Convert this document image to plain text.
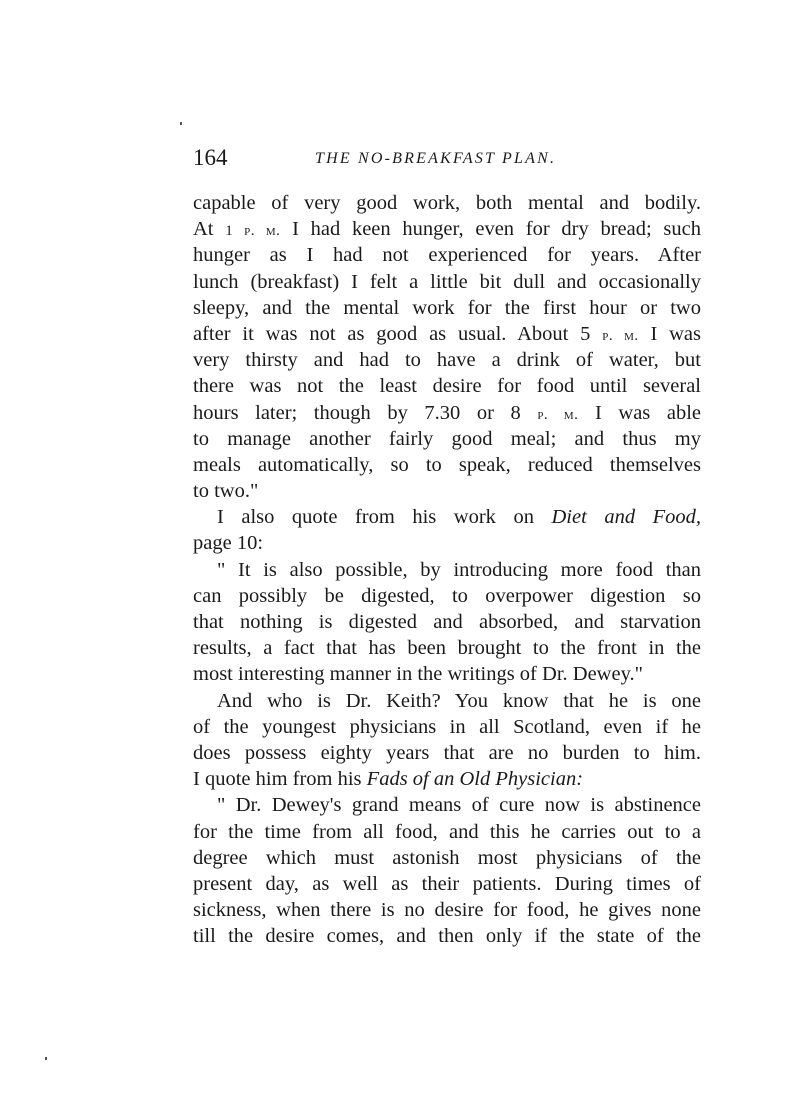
164	THE NO-BREAKFAST PLAN.
capable of very good work, both mental and bodily.
At 1 p. m. I had keen hunger, even for dry bread; such
hunger as I had not experienced for years. After
lunch (breakfast) I felt a little bit dull and occasionally
sleepy, and the mental work for the first hour or two
after it was not as good as usual. About 5 p. m. I was
very thirsty and had to have a drink of water, but
there was not the least desire for food until several
hours later; though by 7.30 or 8 p. m. I was able
to manage another fairly good meal; and thus my
meals automatically, so to speak, reduced themselves
to two."
I also quote from his work on Diet and Food,
page 10:
" It is also possible, by introducing more food than
can possibly be digested, to overpower digestion so
that nothing is digested and absorbed, and starvation
results, a fact that has been brought to the front in the
most interesting manner in the writings of Dr. Dewey."
And who is Dr. Keith? You know that he is one
of the youngest physicians in all Scotland, even if he
does possess eighty years that are no burden to him.
I quote him from his Fads of an Old Physician:
" Dr. Dewey's grand means of cure now is abstinence
for the time from all food, and this he carries out to a
degree which must astonish most physicians of the
present day, as well as their patients. During times of
sickness, when there is no desire for food, he gives none
till the desire comes, and then only if the state of the
